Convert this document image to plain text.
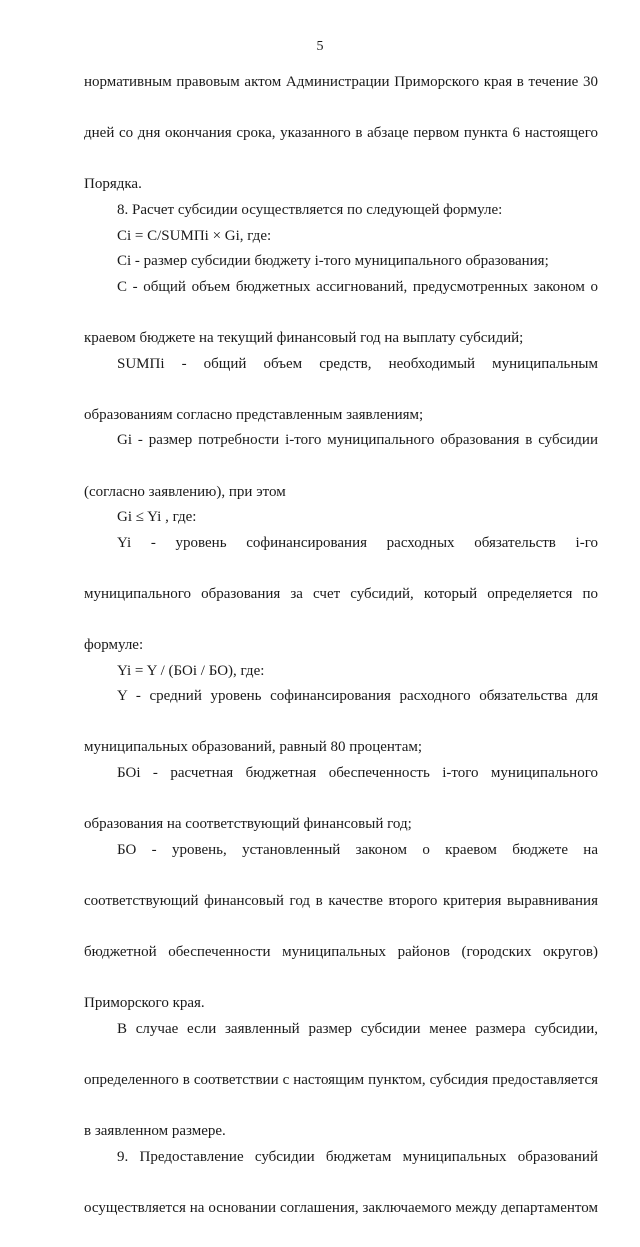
5

нормативным правовым актом Администрации Приморского края в течение 30

дней со дня окончания срока, указанного в абзаце первом пункта 6 настоящего

Порядка.

8. Расчет субсидии осуществляется по следующей формуле:

Ci = C/SUMПi × Gi, где:

Ci - размер субсидии бюджету i-того муниципального образования;

C - общий объем бюджетных ассигнований, предусмотренных законом о

краевом бюджете на текущий финансовый год на выплату субсидий;

SUMПi - общий объем средств, необходимый муниципальным

образованиям согласно представленным заявлениям;

Gi - размер потребности i-того муниципального образования в субсидии

(согласно заявлению), при этом

Gi ≤ Yi , где:

Yi - уровень софинансирования расходных обязательств i-го

муниципального образования за счет субсидий, который определяется по

формуле:

Yi = Y / (БОi / БО), где:

Y - средний уровень софинансирования расходного обязательства для

муниципальных образований, равный 80 процентам;

БОi - расчетная бюджетная обеспеченность i-того муниципального

образования на соответствующий финансовый год;

БО - уровень, установленный законом о краевом бюджете на

соответствующий финансовый год в качестве второго критерия выравнивания

бюджетной обеспеченности муниципальных районов (городских округов)

Приморского края.

В случае если заявленный размер субсидии менее размера субсидии,

определенного в соответствии с настоящим пунктом, субсидия предоставляется

в заявленном размере.

9. Предоставление субсидии бюджетам муниципальных образований

осуществляется на основании соглашения, заключаемого между департаментом
